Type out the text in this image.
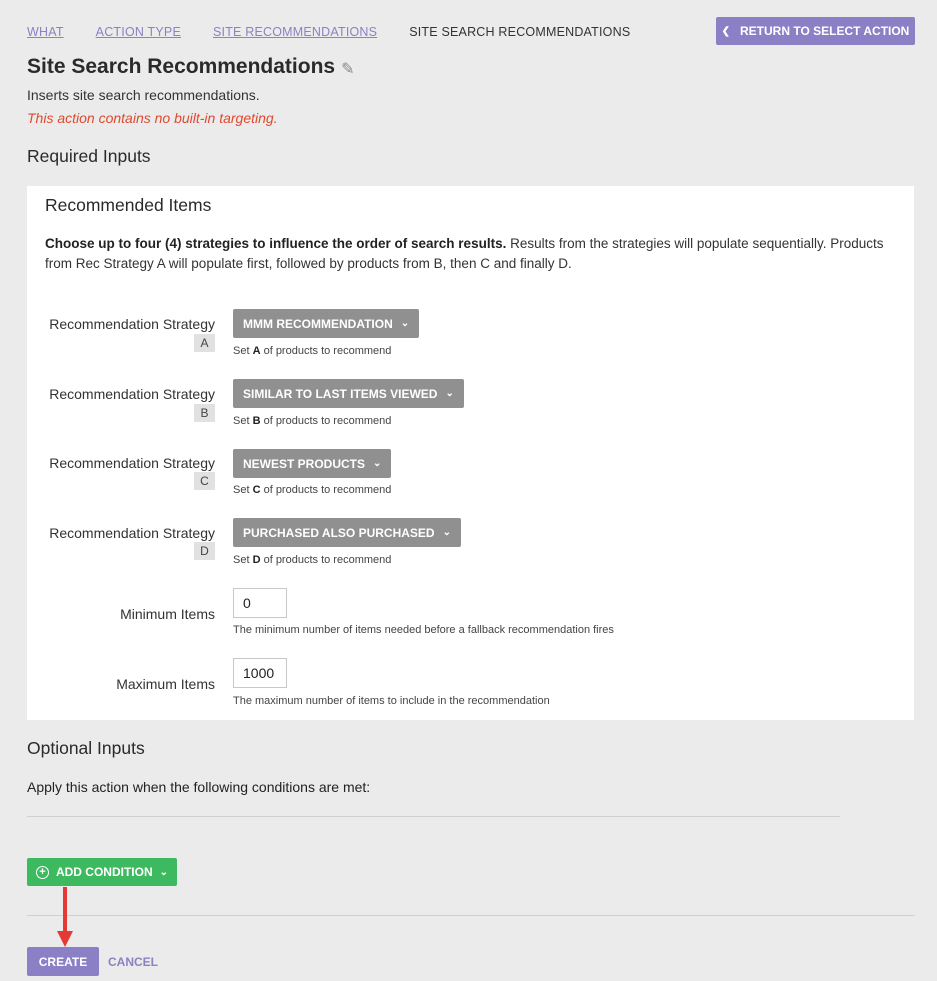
WHAT	ACTION TYPE	SITE RECOMMENDATIONS	SITE SEARCH RECOMMENDATIONS	❮ RETURN TO SELECT ACTION
Site Search Recommendations ✎
Inserts site search recommendations.
This action contains no built-in targeting.
Required Inputs
Recommended Items
Choose up to four (4) strategies to influence the order of search results. Results from the strategies will populate sequentially. Products from Rec Strategy A will populate first, followed by products from B, then C and finally D.
Recommendation Strategy
A
MMM RECOMMENDATION ⌄
Set A of products to recommend
Recommendation Strategy
B
SIMILAR TO LAST ITEMS VIEWED ⌄
Set B of products to recommend
Recommendation Strategy
C
NEWEST PRODUCTS ⌄
Set C of products to recommend
Recommendation Strategy
D
PURCHASED ALSO PURCHASED ⌄
Set D of products to recommend
Minimum Items
0
The minimum number of items needed before a fallback recommendation fires
Maximum Items
1000
The maximum number of items to include in the recommendation
Optional Inputs
Apply this action when the following conditions are met:
+ ADD CONDITION ⌄
CREATE	CANCEL
